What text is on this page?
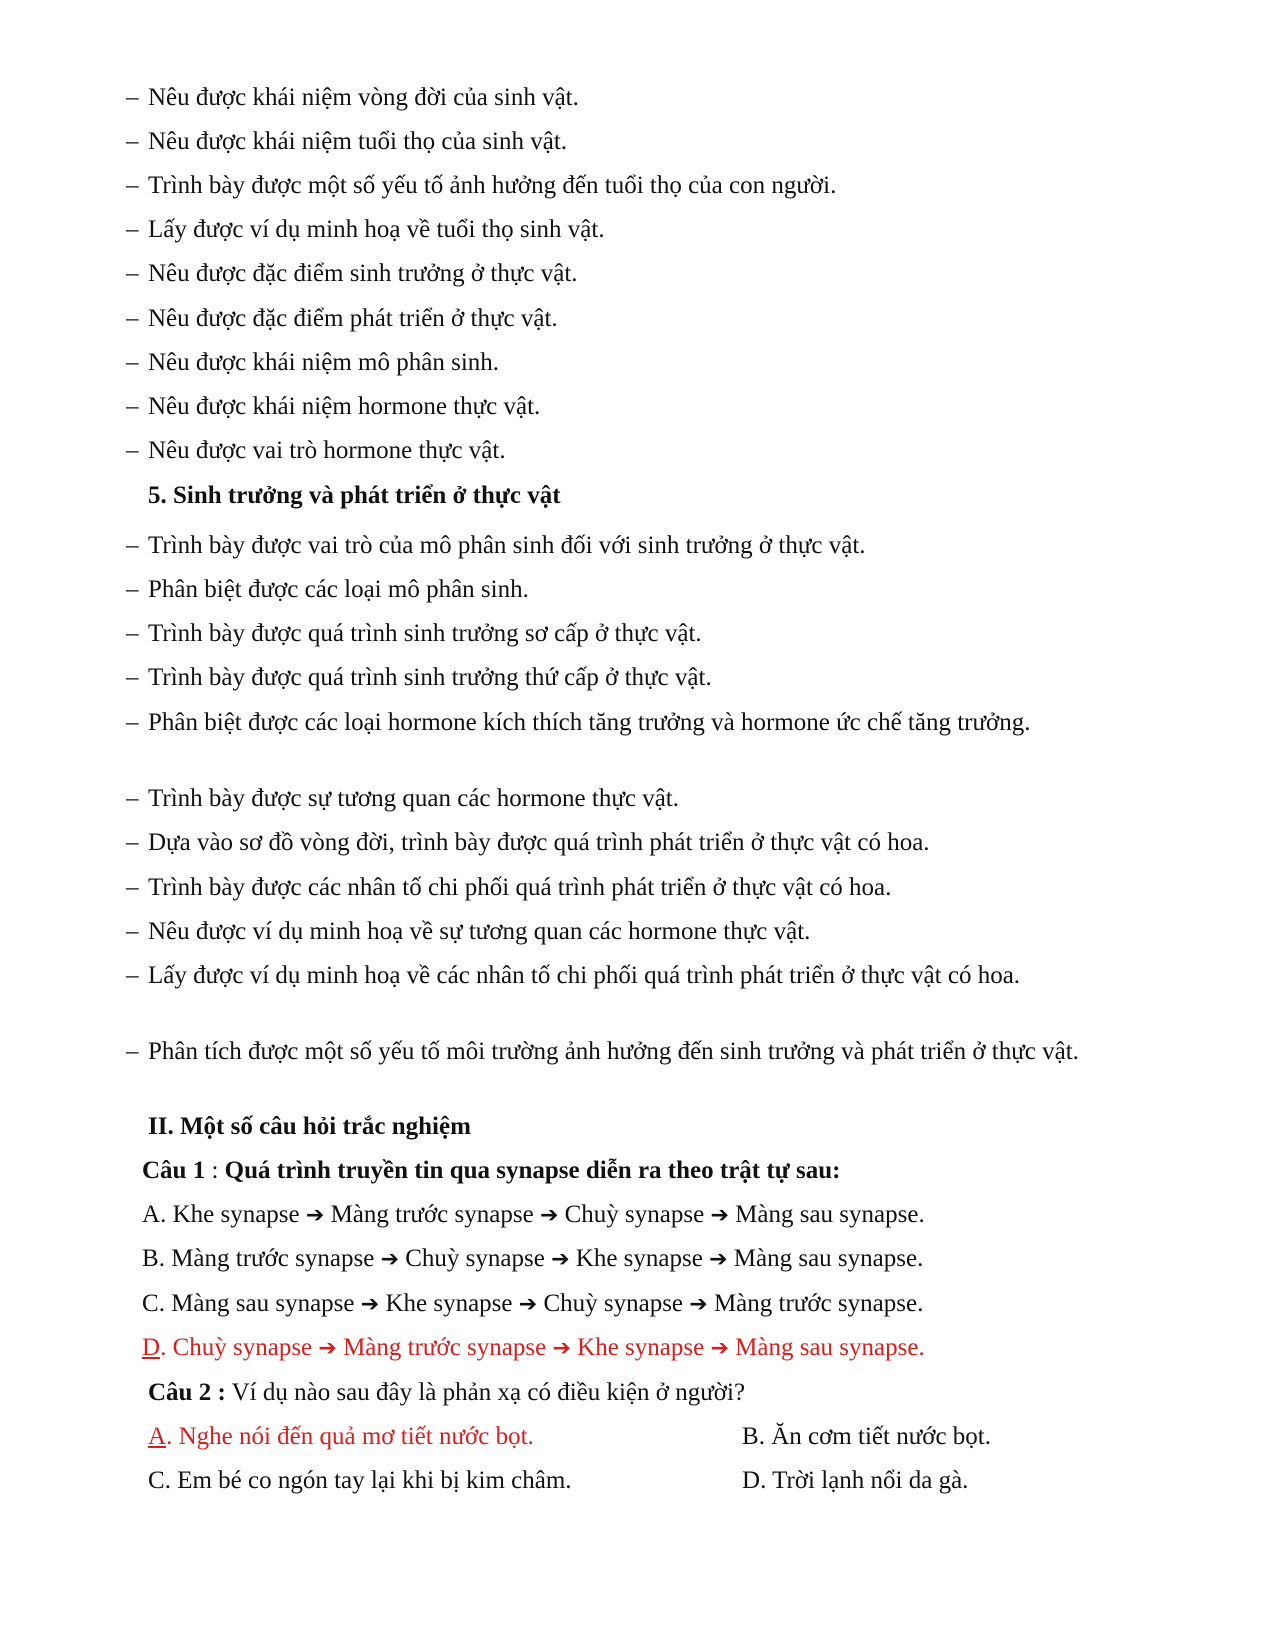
– Nêu được khái niệm vòng đời của sinh vật.
– Nêu được khái niệm tuổi thọ của sinh vật.
– Trình bày được một số yếu tố ảnh hưởng đến tuổi thọ của con người.
– Lấy được ví dụ minh hoạ về tuổi thọ sinh vật.
– Nêu được đặc điểm sinh trưởng ở thực vật.
– Nêu được đặc điểm phát triển ở thực vật.
– Nêu được khái niệm mô phân sinh.
– Nêu được khái niệm hormone thực vật.
– Nêu được vai trò hormone thực vật.
5. Sinh trưởng và phát triển ở thực vật
– Trình bày được vai trò của mô phân sinh đối với sinh trưởng ở thực vật.
– Phân biệt được các loại mô phân sinh.
– Trình bày được quá trình sinh trưởng sơ cấp ở thực vật.
– Trình bày được quá trình sinh trưởng thứ cấp ở thực vật.
– Phân biệt được các loại hormone kích thích tăng trưởng và hormone ức chế tăng trưởng.
– Trình bày được sự tương quan các hormone thực vật.
– Dựa vào sơ đồ vòng đời, trình bày được quá trình phát triển ở thực vật có hoa.
– Trình bày được các nhân tố chi phối quá trình phát triển ở thực vật có hoa.
– Nêu được ví dụ minh hoạ về sự tương quan các hormone thực vật.
– Lấy được ví dụ minh hoạ về các nhân tố chi phối quá trình phát triển ở thực vật có hoa.
– Phân tích được một số yếu tố môi trường ảnh hưởng đến sinh trưởng và phát triển ở thực vật.
II. Một số câu hỏi trắc nghiệm
Câu 1 : Quá trình truyền tin qua synapse diễn ra theo trật tự sau:
A. Khe synapse ➔ Màng trước synapse ➔ Chuỳ synapse ➔ Màng sau synapse.
B. Màng trước synapse ➔ Chuỳ synapse ➔ Khe synapse ➔ Màng sau synapse.
C. Màng sau synapse ➔ Khe synapse ➔ Chuỳ synapse ➔ Màng trước synapse.
D. Chuỳ synapse ➔ Màng trước synapse ➔ Khe synapse ➔ Màng sau synapse.
Câu 2 : Ví dụ nào sau đây là phản xạ có điều kiện ở người?
A. Nghe nói đến quả mơ tiết nước bọt.	B. Ăn cơm tiết nước bọt.
C. Em bé co ngón tay lại khi bị kim châm.	D. Trời lạnh nổi da gà.
